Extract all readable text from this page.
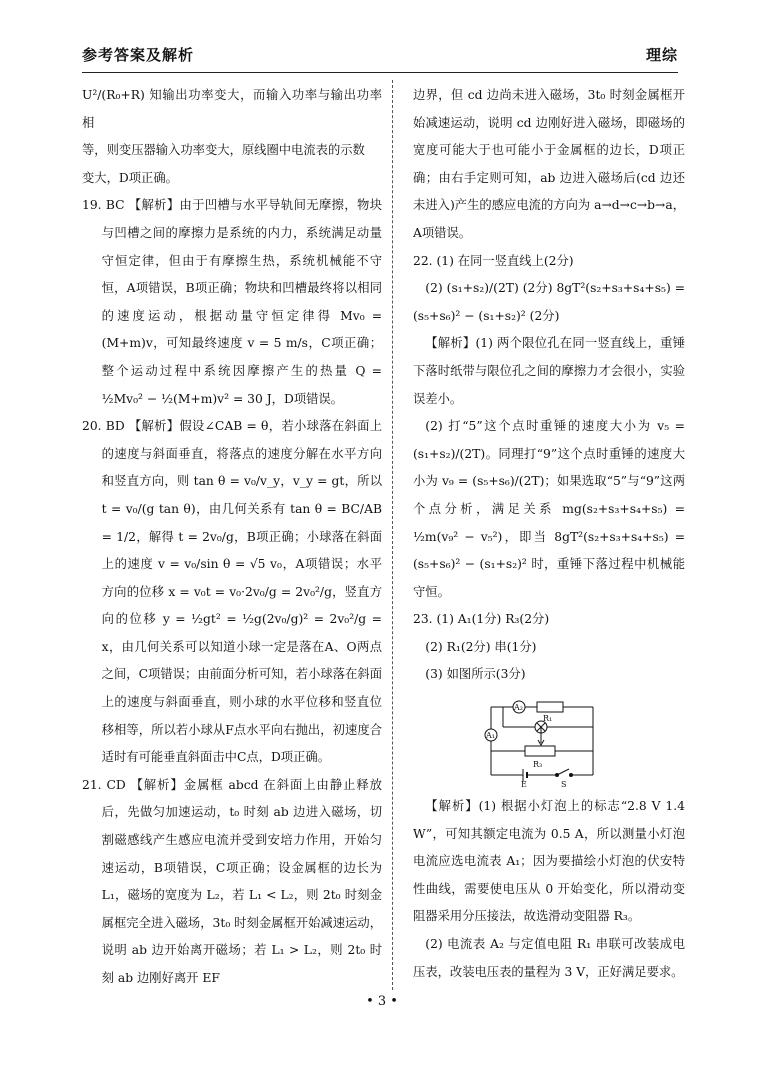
参考答案及解析	理综

U²/(R₀+R) 知输出功率变大，而输入功率与输出功率相

等，则变压器输入功率变大，原线圈中电流表的示数

变大，D项正确。

19. BC 【解析】由于凹槽与水平导轨间无摩擦，物块与凹槽之间的摩擦力是系统的内力，系统满足动量守恒定律，但由于有摩擦生热，系统机械能不守恒，A项错误，B项正确；物块和凹槽最终将以相同的速度运动，根据动量守恒定律得 Mv₀ = (M+m)v，可知最终速度 v = 5 m/s，C项正确；整个运动过程中系统因摩擦产生的热量 Q = ½Mv₀² − ½(M+m)v² = 30 J，D项错误。

20. BD 【解析】假设∠CAB = θ，若小球落在斜面上的速度与斜面垂直，将落点的速度分解在水平方向和竖直方向，则 tan θ = v₀/v_y，v_y = gt，所以 t = v₀/(g tan θ)，由几何关系有 tan θ = BC/AB = 1/2，解得 t = 2v₀/g，B项正确；小球落在斜面上的速度 v = v₀/sin θ = √5 v₀，A项错误；水平方向的位移 x = v₀t = v₀·2v₀/g = 2v₀²/g，竖直方向的位移 y = ½gt² = ½g(2v₀/g)² = 2v₀²/g = x，由几何关系可以知道小球一定是落在A、O两点之间，C项错误；由前面分析可知，若小球落在斜面上的速度与斜面垂直，则小球的水平位移和竖直位移相等，所以若小球从F点水平向右抛出，初速度合适时有可能垂直斜面击中C点，D项正确。

21. CD 【解析】金属框 abcd 在斜面上由静止释放后，先做匀加速运动，t₀ 时刻 ab 边进入磁场，切割磁感线产生感应电流并受到安培力作用，开始匀速运动，B项错误，C项正确；设金属框的边长为 L₁，磁场的宽度为 L₂，若 L₁ < L₂，则 2t₀ 时刻金属框完全进入磁场，3t₀ 时刻金属框开始减速运动，说明 ab 边开始离开磁场；若 L₁ > L₂，则 2t₀ 时刻 ab 边刚好离开 EF

边界，但 cd 边尚未进入磁场，3t₀ 时刻金属框开始减速运动，说明 cd 边刚好进入磁场，即磁场的宽度可能大于也可能小于金属框的边长，D项正确；由右手定则可知，ab 边进入磁场后(cd 边还未进入)产生的感应电流的方向为 a→d→c→b→a，A项错误。

22. (1) 在同一竖直线上(2分)

(2) (s₁+s₂)/(2T) (2分) 8gT²(s₂+s₃+s₄+s₅) = (s₅+s₆)² − (s₁+s₂)² (2分)

【解析】(1) 两个限位孔在同一竖直线上，重锤下落时纸带与限位孔之间的摩擦力才会很小，实验误差小。

(2) 打“5”这个点时重锤的速度大小为 v₅ = (s₁+s₂)/(2T)。同理打“9”这个点时重锤的速度大小为 v₉ = (s₅+s₆)/(2T)；如果选取“5”与“9”这两个点分析，满足关系 mg(s₂+s₃+s₄+s₅) = ½m(v₉² − v₅²)，即当 8gT²(s₂+s₃+s₄+s₅) = (s₅+s₆)² − (s₁+s₂)² 时，重锤下落过程中机械能守恒。

23. (1) A₁(1分) R₃(2分)

(2) R₁(2分) 串(1分)

(3) 如图所示(3分)

A₂
R₁
A₁
R₃
E	S

【解析】(1) 根据小灯泡上的标志“2.8 V 1.4 W”，可知其额定电流为 0.5 A，所以测量小灯泡电流应选电流表 A₁；因为要描绘小灯泡的伏安特性曲线，需要使电压从 0 开始变化，所以滑动变阻器采用分压接法，故选滑动变阻器 R₃。

(2) 电流表 A₂ 与定值电阻 R₁ 串联可改装成电压表，改装电压表的量程为 3 V，正好满足要求。

• 3 •
